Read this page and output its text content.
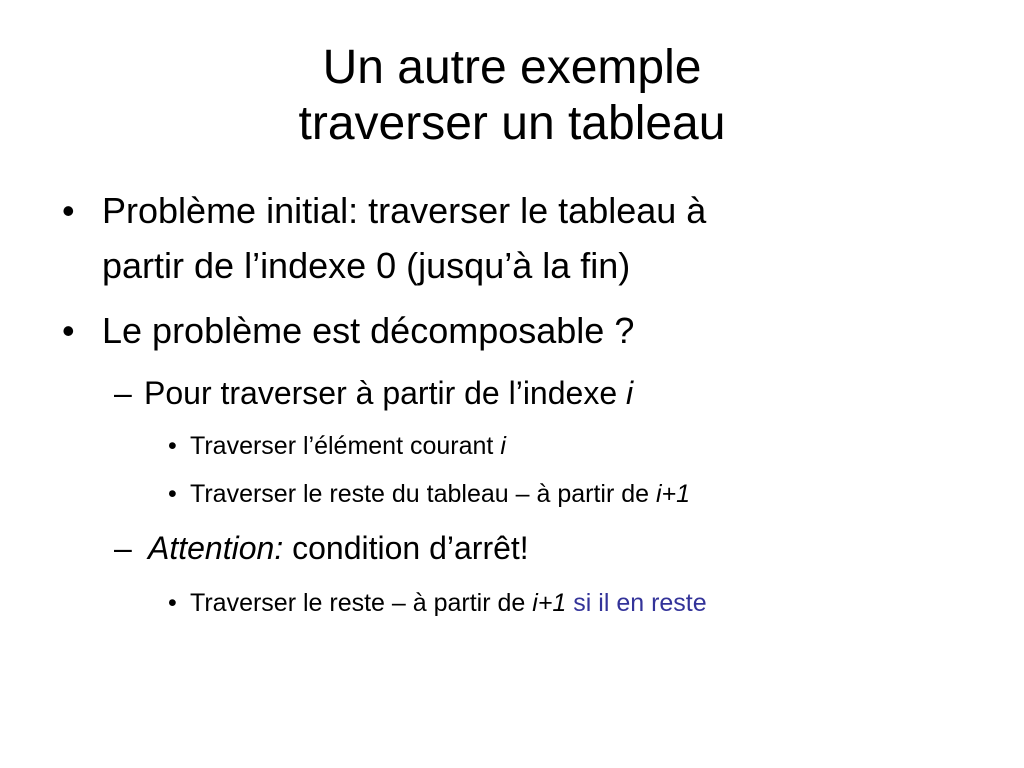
Un autre exemple
traverser un tableau
• Problème initial: traverser le tableau à
partir de l’indexe 0 (jusqu’à la fin)
• Le problème est décomposable ?
– Pour traverser à partir de l’indexe i
• Traverser l’élément courant i
• Traverser le reste du tableau – à partir de i+1
– Attention: condition d’arrêt!
• Traverser le reste – à partir de i+1 si il en reste
